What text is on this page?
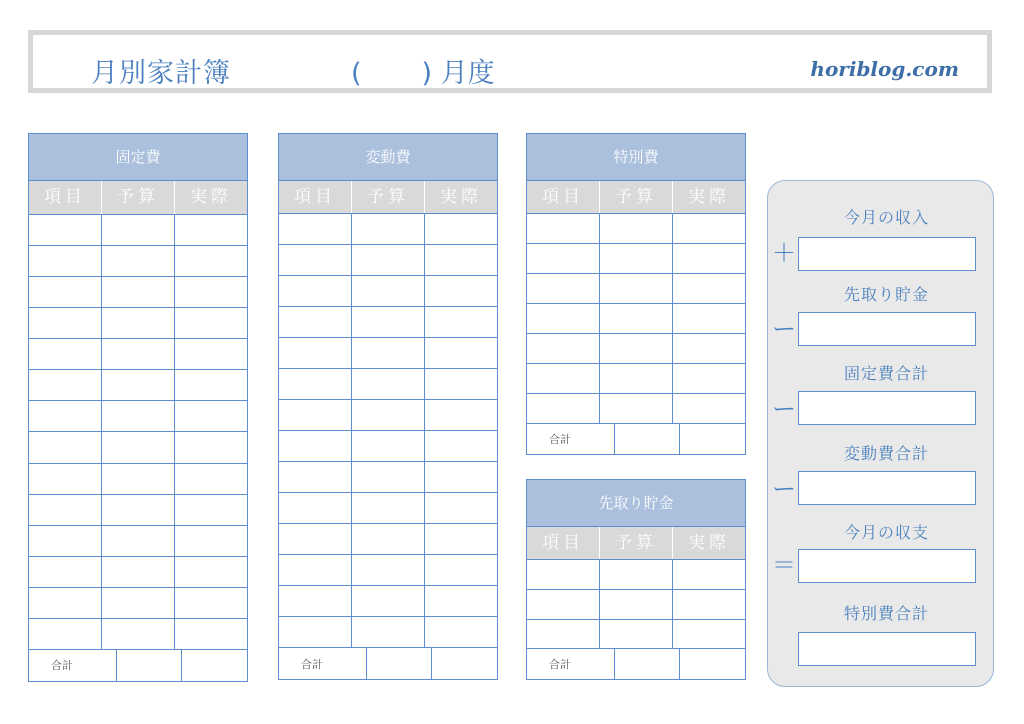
月別家計簿	( ) 月度	horiblog.com
固定費
項目	予算	実際
合計
変動費
項目	予算	実際
合計
特別費
項目	予算	実際
合計
先取り貯金
項目	予算	実際
合計
今月の収入
＋
先取り貯金
ー
固定費合計
ー
変動費合計
ー
今月の収支
＝
特別費合計
